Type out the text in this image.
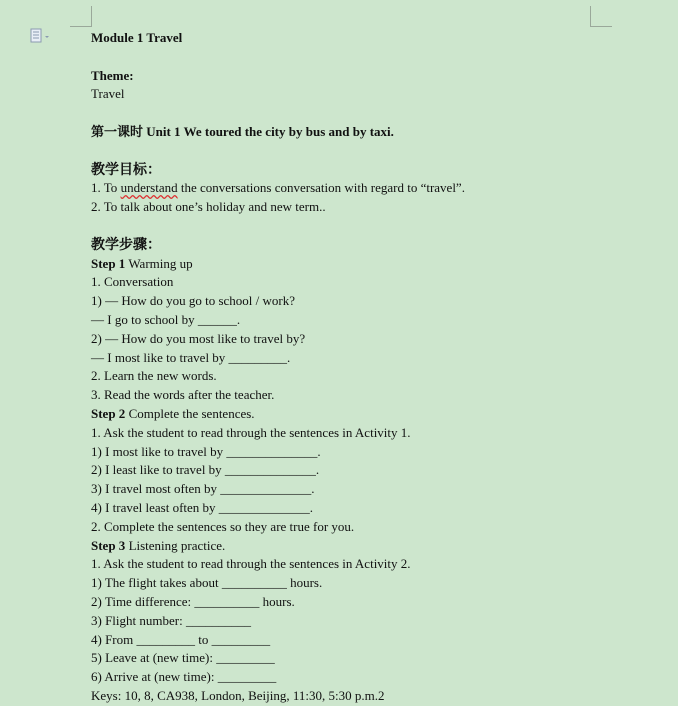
Module 1 Travel
Theme:
Travel
第一课时 Unit 1 We toured the city by bus and by taxi.
教学目标：
1. To understand the conversations conversation with regard to “travel”.
2. To talk about one’s holiday and new term..
教学步骤：
Step 1 Warming up
1. Conversation
1) — How do you go to school / work?
— I go to school by ______.
2) — How do you most like to travel by?
— I most like to travel by _________.
2. Learn the new words.
3. Read the words after the teacher.
Step 2 Complete the sentences.
1. Ask the student to read through the sentences in Activity 1.
1) I most like to travel by ______________.
2) I least like to travel by ______________.
3) I travel most often by ______________.
4) I travel least often by ______________.
2. Complete the sentences so they are true for you.
Step 3 Listening practice.
1. Ask the student to read through the sentences in Activity 2.
1) The flight takes about __________ hours.
2) Time difference: __________ hours.
3) Flight number: __________
4) From _________ to _________
5) Leave at (new time): _________
6) Arrive at (new time): _________
Keys: 10, 8, CA938, London, Beijing, 11:30, 5:30 p.m.2
